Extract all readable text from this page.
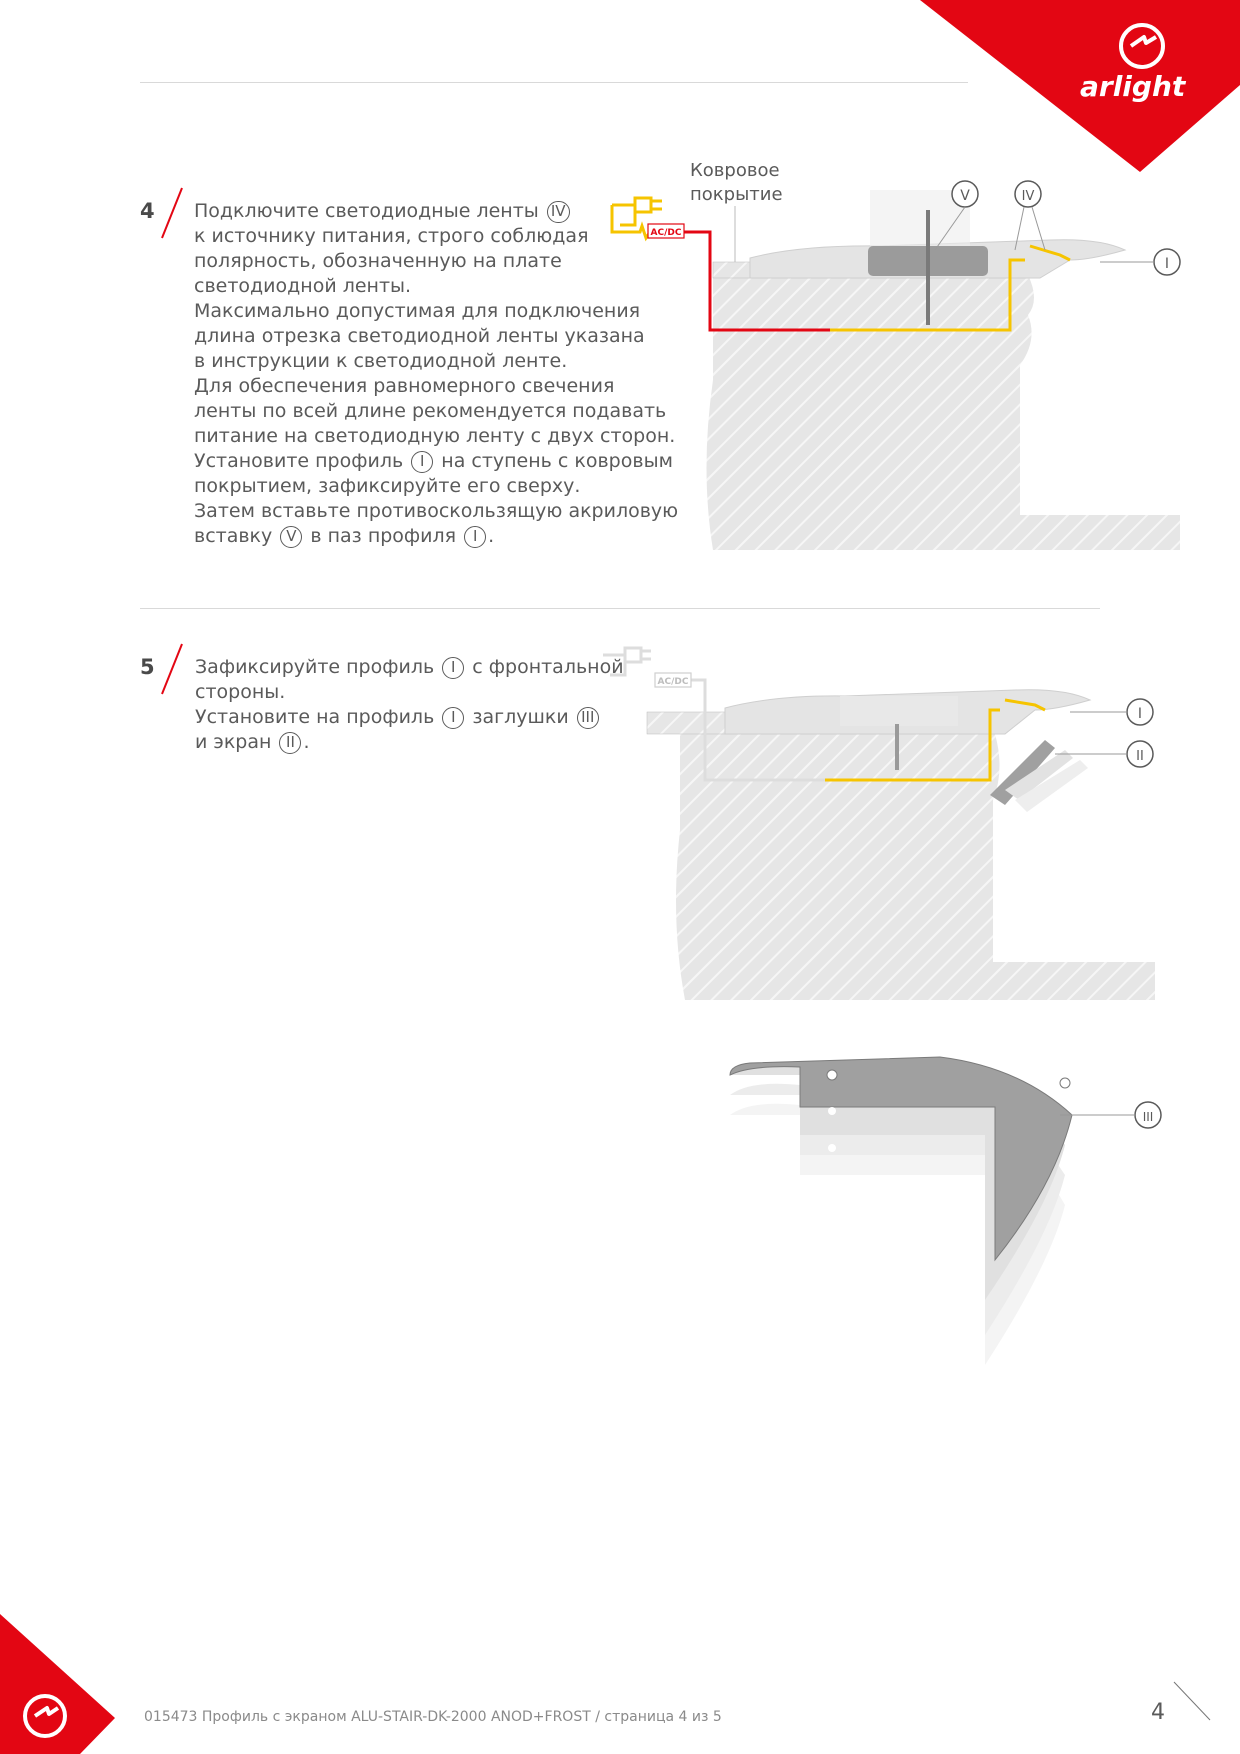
arlight
4 Подключите светодиодные ленты IV
к источнику питания, строго соблюдая
полярность, обозначенную на плате
светодиодной ленты.
Максимально допустимая для подключения
длина отрезка светодиодной ленты указана
в инструкции к светодиодной ленте.
Для обеспечения равномерного свечения
ленты по всей длине рекомендуется подавать
питание на светодиодную ленту с двух сторон.
Установите профиль I на ступень с ковровым
покрытием, зафиксируйте его сверху.
Затем вставьте противоскользящую акриловую
вставку V в паз профиля I .
AC/DC
Ковровое
покрытие	V	IV
I
5 Зафиксируйте профиль I с фронтальной
стороны.
Установите на профиль I заглушки III
и экран II .
AC/DC
I
II
III
015473 Профиль с экраном ALU-STAIR-DK-2000 ANOD+FROST / страница 4 из 5	4
